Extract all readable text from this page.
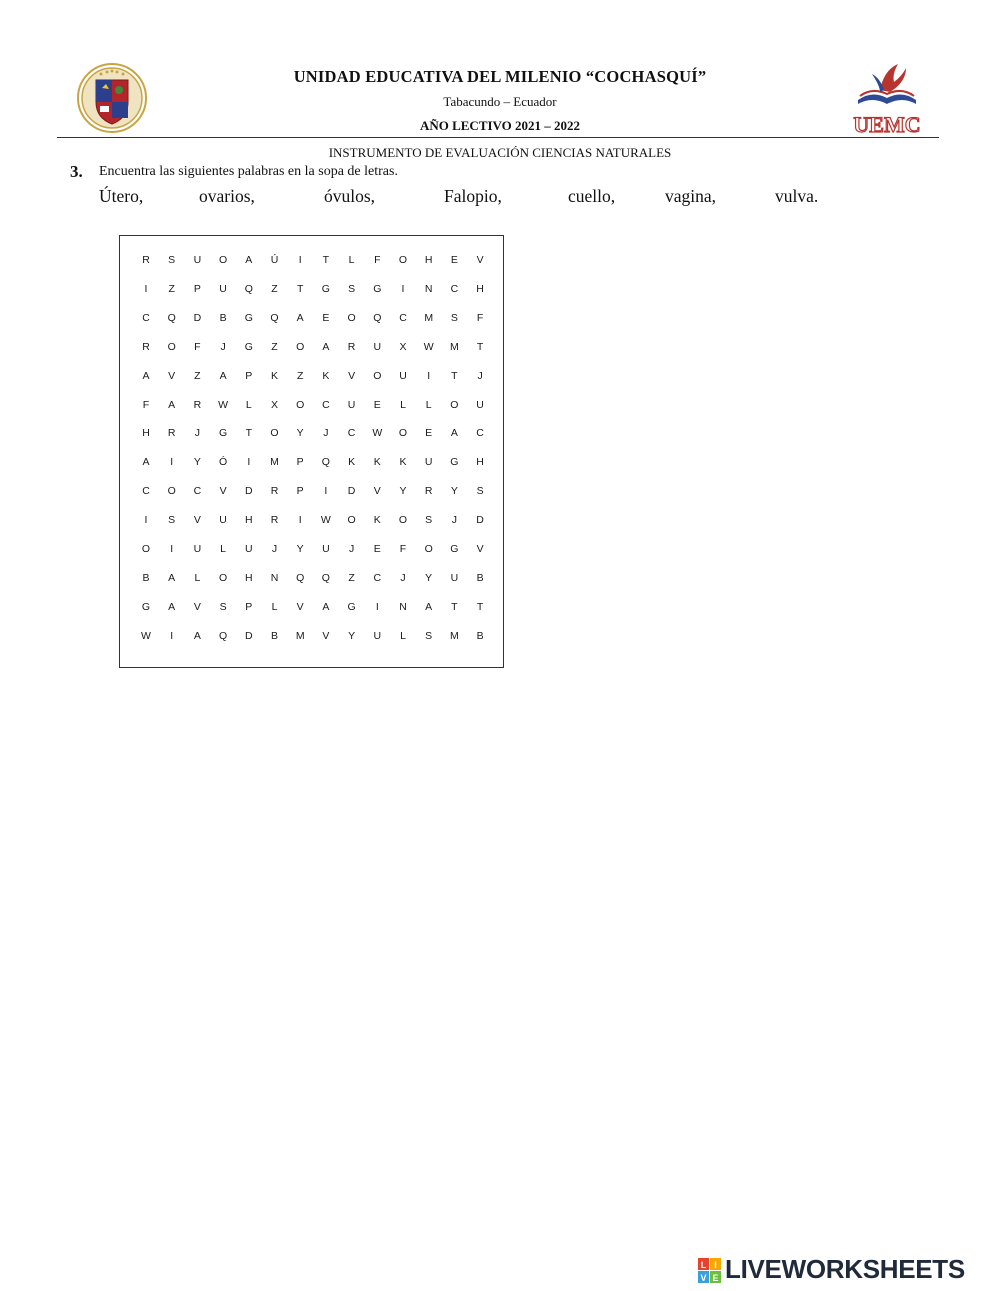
UEMC
UNIDAD EDUCATIVA DEL MILENIO “COCHASQUÍ”
Tabacundo – Ecuador
AÑO LECTIVO 2021 – 2022
INSTRUMENTO DE EVALUACIÓN CIENCIAS NATURALES
3. Encuentra las siguientes palabras en la sopa de letras.
Útero,	ovarios,	óvulos,	Falopio,	cuello,	vagina,	vulva.
R	S	U	O	A	Ú	I	T	L	F	O	H	E	V
I	Z	P	U	Q	Z	T	G	S	G	I	N	C	H
C	Q	D	B	G	Q	A	E	O	Q	C	M	S	F
R	O	F	J	G	Z	O	A	R	U	X	W	M	T
A	V	Z	A	P	K	Z	K	V	O	U	I	T	J
F	A	R	W	L	X	O	C	U	E	L	L	O	U
H	R	J	G	T	O	Y	J	C	W	O	E	A	C
A	I	Y	Ó	I	M	P	Q	K	K	K	U	G	H
C	O	C	V	D	R	P	I	D	V	Y	R	Y	S
I	S	V	U	H	R	I	W	O	K	O	S	J	D
O	I	U	L	U	J	Y	U	J	E	F	O	G	V
B	A	L	O	H	N	Q	Q	Z	C	J	Y	U	B
G	A	V	S	P	L	V	A	G	I	N	A	T	T
W	I	A	Q	D	B	M	V	Y	U	L	S	M	B
L I
V E LIVEWORKSHEETS
